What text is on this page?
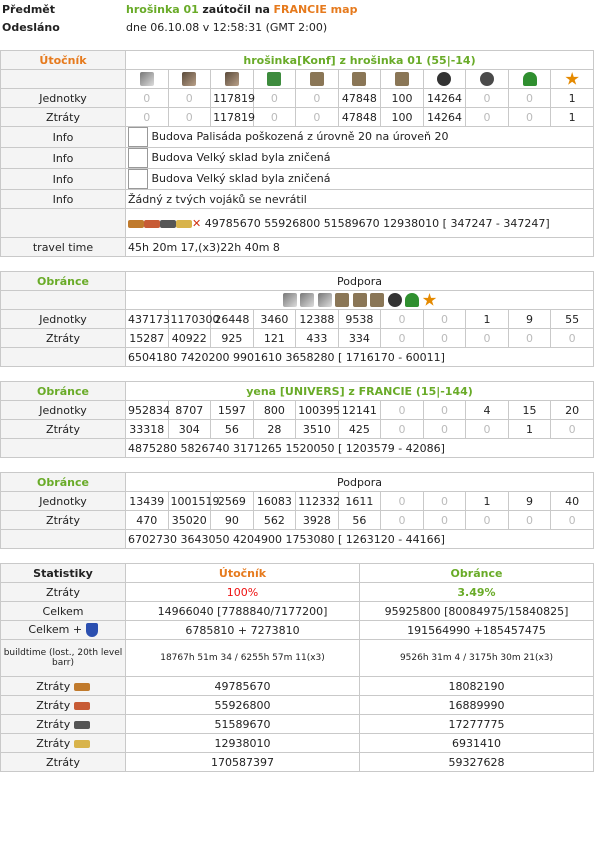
Předmět	hrošinka 01 zaútočil na FRANCIE map
Odesláno	dne 06.10.08 v 12:58:31 (GMT 2:00)
Útočník	hrošinka[Konf] z hrošinka 01 (55|-14)										

Jednotky	0	0	117819	0	0	47848	100	14264	0	0	1
Ztráty	0	0	117819	0	0	47848	100	14264	0	0	1
Info	Budova Palisáda poškozená z úrovně 20 na úroveň 20										
Info	Budova Velký sklad byla zničená										
Info	Budova Velký sklad byla zničená										
Info	Žádný z tvých vojáků se nevrátil										
	✕ 49785670 55926800 51589670 12938010 [ 347247 - 347247]										
travel time	45h 20m 17,(x3)22h 40m 8										
Obránce	Podpora										

Jednotky	437173	1170300	26448	3460	12388	9538	0	0	1	9	55
Ztráty	15287	40922	925	121	433	334	0	0	0	0	0
	6504180 7420200 9901610 3658280 [ 1716170 - 60011]										
Obránce	yena [UNIVERS] z FRANCIE (15|-144)										
Jednotky	952834	8707	1597	800	100395	12141	0	0	4	15	20
Ztráty	33318	304	56	28	3510	425	0	0	0	1	0
	4875280 5826740 3171265 1520050 [ 1203579 - 42086]										
Obránce	Podpora										
Jednotky	13439	1001519	2569	16083	112332	1611	0	0	1	9	40
Ztráty	470	35020	90	562	3928	56	0	0	0	0	0
	6702730 3643050 4204900 1753080 [ 1263120 - 44166]										
Statistiky	Útočník	Obránce
Ztráty	100%	3.49%
Celkem	14966040 [7788840/7177200]	95925800 [80084975/15840825]
Celkem +	6785810 + 7273810	191564990 +185457475
buildtime (lost., 20th level barr)	18767h 51m 34 / 6255h 57m 11(x3)	9526h 31m 4 / 3175h 30m 21(x3)
Ztráty	49785670	18082190
Ztráty	55926800	16889990
Ztráty	51589670	17277775
Ztráty	12938010	6931410
Ztráty	170587397	59327628
